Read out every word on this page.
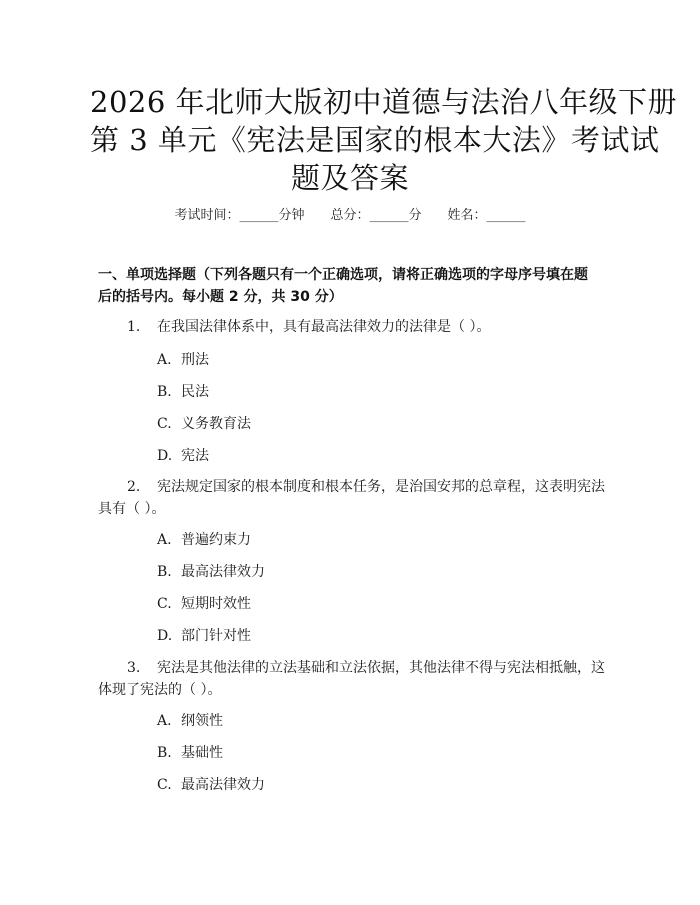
2026 年北师大版初中道德与法治八年级下册
第 3 单元《宪法是国家的根本大法》考试试
题及答案
考试时间：______分钟 总分：______分 姓名：______
一、单项选择题（下列各题只有一个正确选项，请将正确选项的字母序号填在题
后的括号内。每小题 2 分，共 30 分）
1. 在我国法律体系中，具有最高法律效力的法律是（ ）。
A. 刑法
B. 民法
C. 义务教育法
D. 宪法
2. 宪法规定国家的根本制度和根本任务，是治国安邦的总章程，这表明宪法
具有（ ）。
A. 普遍约束力
B. 最高法律效力
C. 短期时效性
D. 部门针对性
3. 宪法是其他法律的立法基础和立法依据，其他法律不得与宪法相抵触，这
体现了宪法的（ ）。
A. 纲领性
B. 基础性
C. 最高法律效力
